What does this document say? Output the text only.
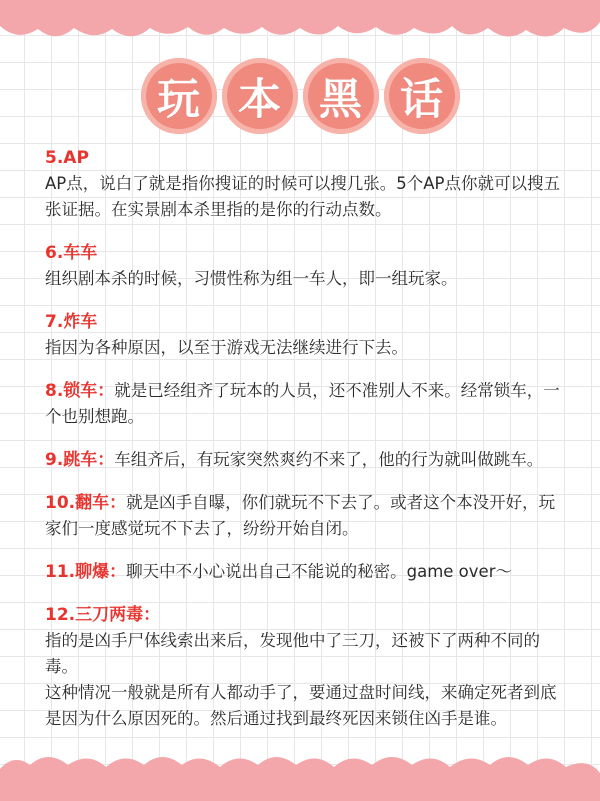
玩 本 黑 话
5.AP
AP点，说白了就是指你搜证的时候可以搜几张。5个AP点你就可以搜五张证据。在实景剧本杀里指的是你的行动点数。
6.车车
组织剧本杀的时候，习惯性称为组一车人，即一组玩家。
7.炸车
指因为各种原因，以至于游戏无法继续进行下去。
8.锁车：就是已经组齐了玩本的人员，还不准别人不来。经常锁车，一个也别想跑。
9.跳车：车组齐后，有玩家突然爽约不来了，他的行为就叫做跳车。
10.翻车：就是凶手自曝，你们就玩不下去了。或者这个本没开好，玩家们一度感觉玩不下去了，纷纷开始自闭。
11.聊爆：聊天中不小心说出自己不能说的秘密。game over～
12.三刀两毒：
指的是凶手尸体线索出来后，发现他中了三刀，还被下了两种不同的毒。
这种情况一般就是所有人都动手了，要通过盘时间线，来确定死者到底是因为什么原因死的。然后通过找到最终死因来锁住凶手是谁。
